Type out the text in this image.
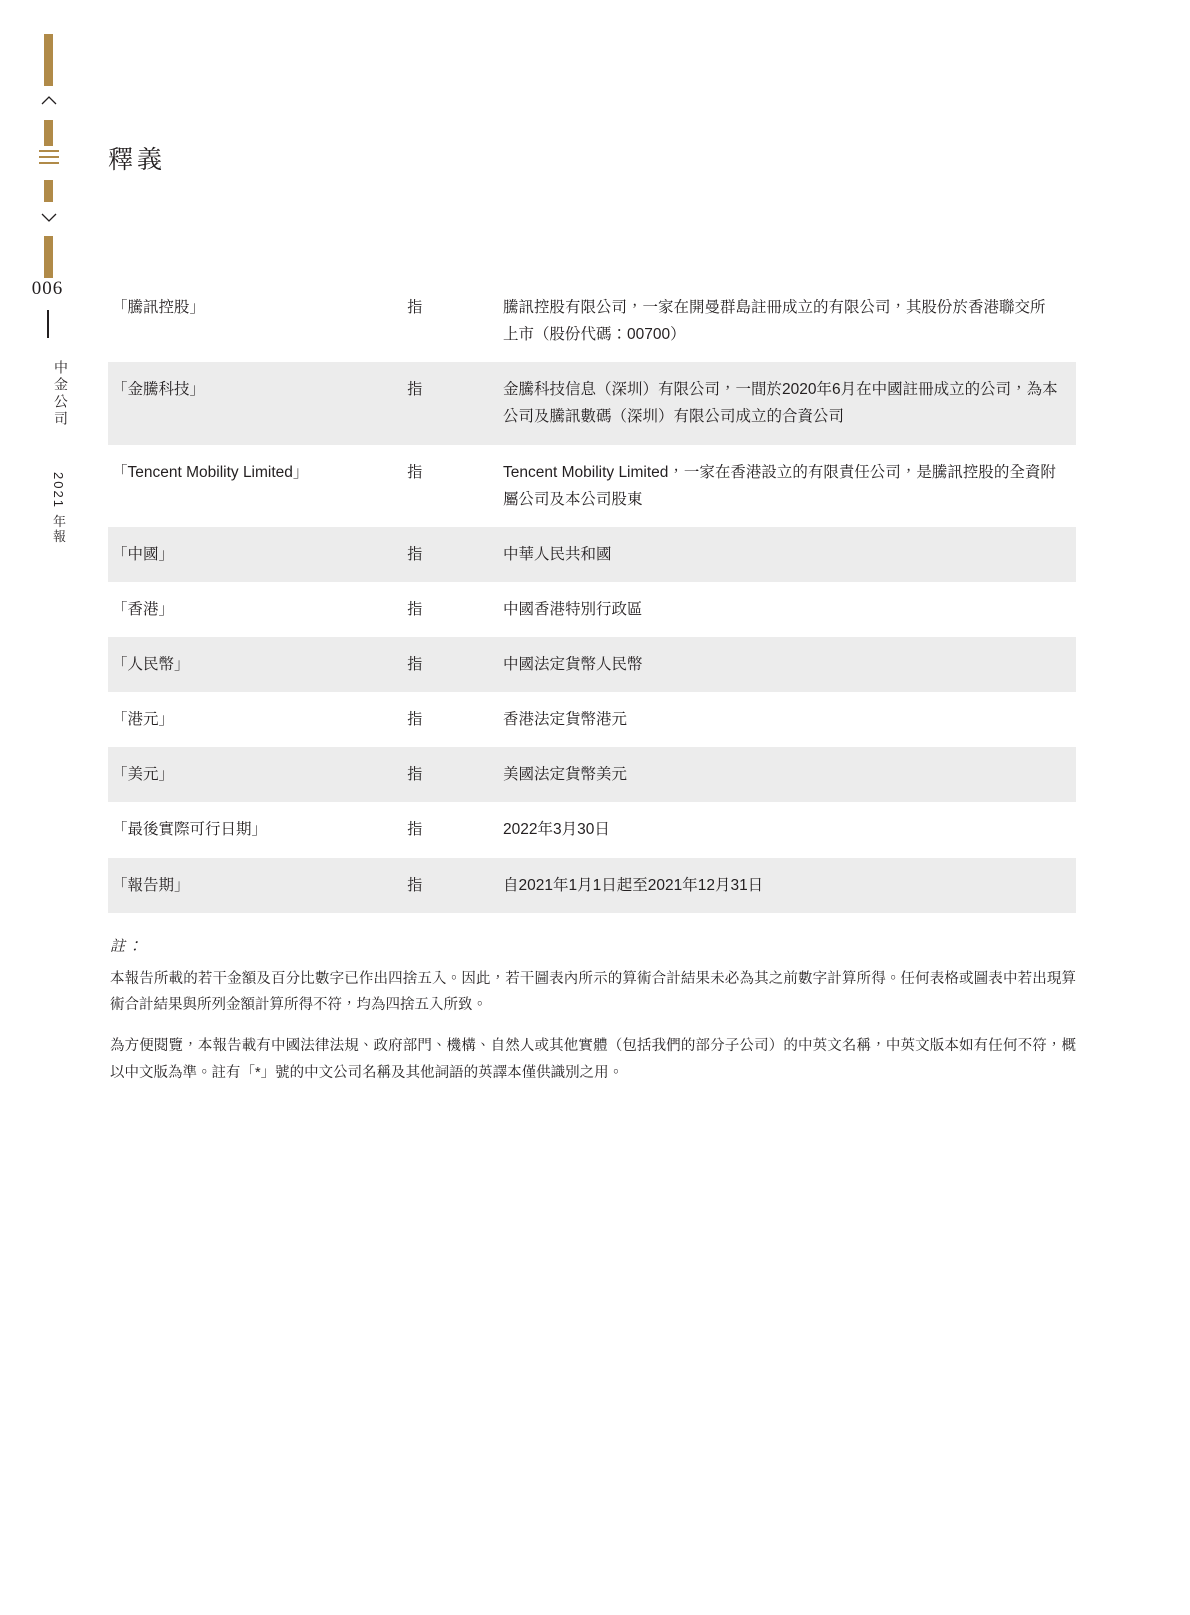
006
中金公司
2021 年報
釋義
「騰訊控股」	指	騰訊控股有限公司，一家在開曼群島註冊成立的有限公司，其股份於香港聯交所上市（股份代碼：00700）
「金騰科技」	指	金騰科技信息（深圳）有限公司，一間於2020年6月在中國註冊成立的公司，為本公司及騰訊數碼（深圳）有限公司成立的合資公司
「Tencent Mobility Limited」	指	Tencent Mobility Limited，一家在香港設立的有限責任公司，是騰訊控股的全資附屬公司及本公司股東
「中國」	指	中華人民共和國
「香港」	指	中國香港特別行政區
「人民幣」	指	中國法定貨幣人民幣
「港元」	指	香港法定貨幣港元
「美元」	指	美國法定貨幣美元
「最後實際可行日期」	指	2022年3月30日
「報告期」	指	自2021年1月1日起至2021年12月31日
註：

本報告所載的若干金額及百分比數字已作出四捨五入。因此，若干圖表內所示的算術合計結果未必為其之前數字計算所得。任何表格或圖表中若出現算術合計結果與所列金額計算所得不符，均為四捨五入所致。

為方便閱覽，本報告載有中國法律法規、政府部門、機構、自然人或其他實體（包括我們的部分子公司）的中英文名稱，中英文版本如有任何不符，概以中文版為準。註有「*」號的中文公司名稱及其他詞語的英譯本僅供識別之用。
